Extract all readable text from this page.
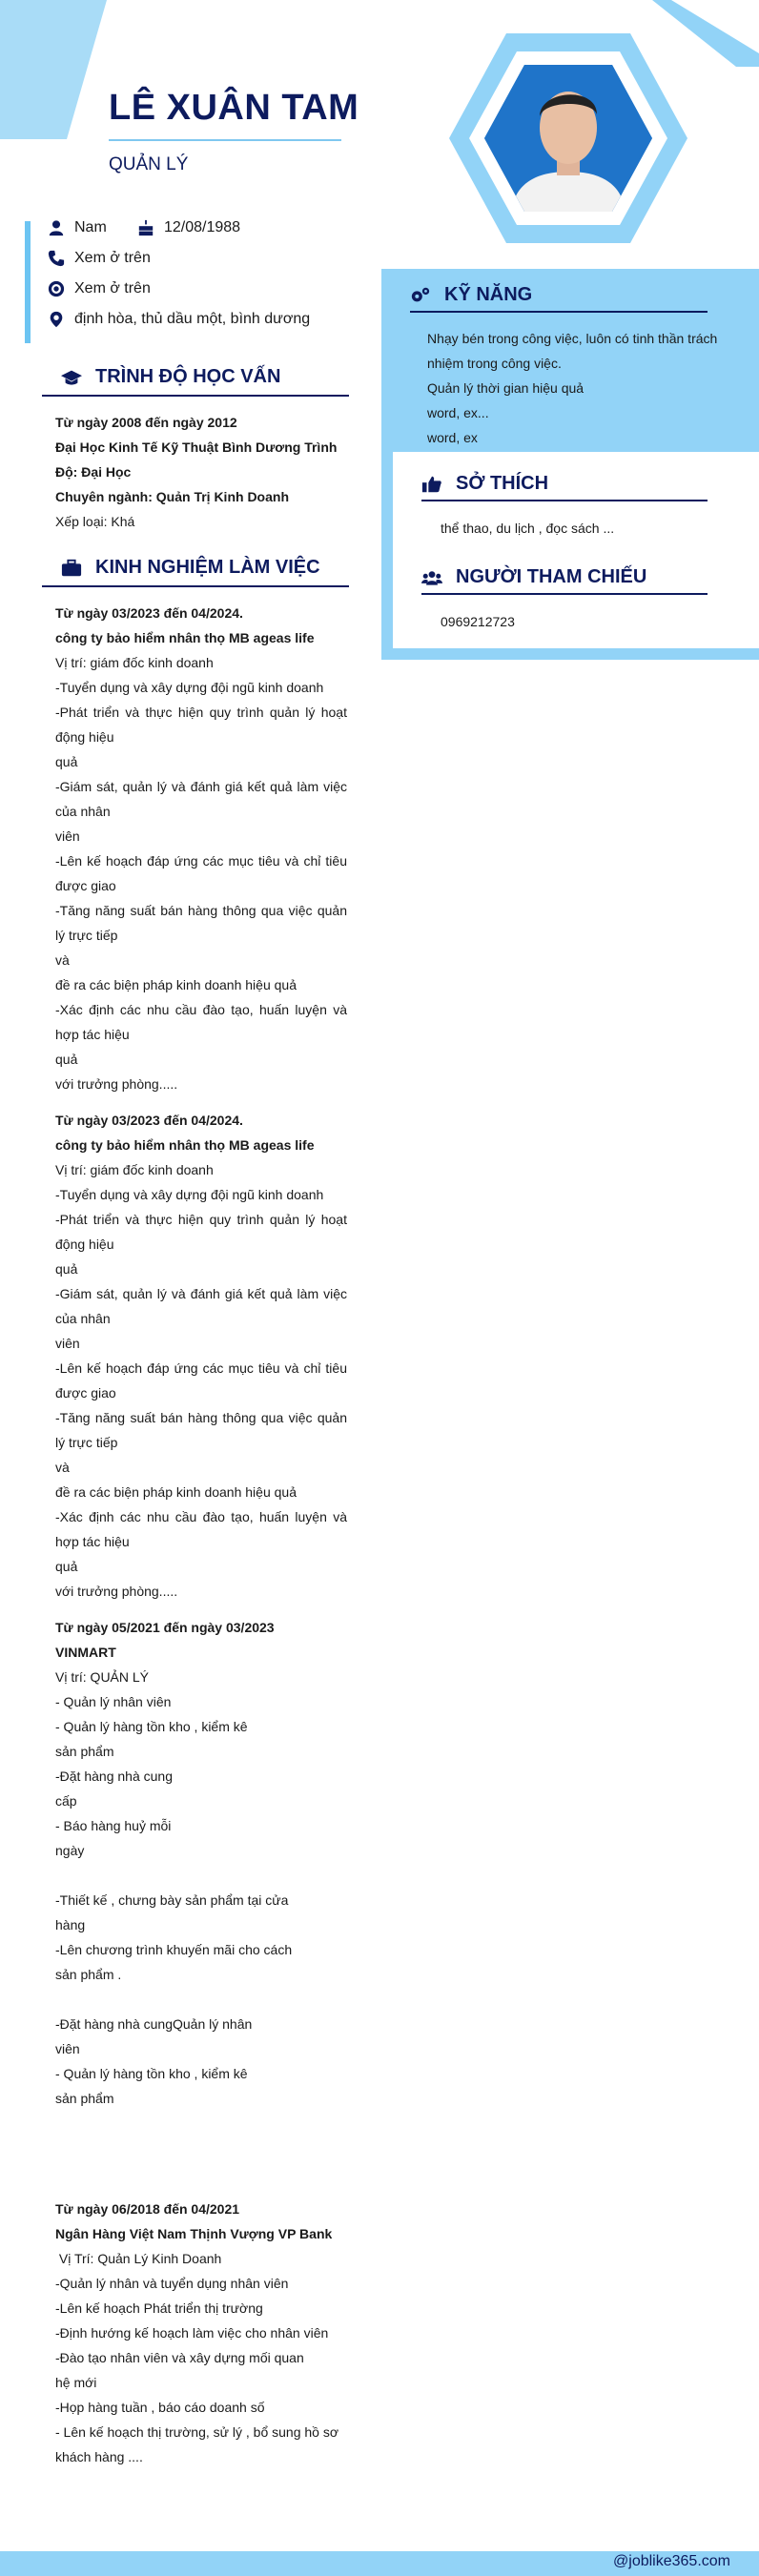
LÊ XUÂN TAM
QUẢN LÝ
Nam	12/08/1988
Xem ở trên
Xem ở trên
định hòa, thủ dầu một, bình dương
TRÌNH ĐỘ HỌC VẤN

Từ ngày 2008 đến ngày 2012

Đại Học Kinh Tế Kỹ Thuật Bình Dương Trình Độ: Đại Học

Chuyên ngành: Quản Trị Kinh Doanh

Xếp loại: Khá

KINH NGHIỆM LÀM VIỆC

Từ ngày 03/2023 đến 04/2024.

công ty bảo hiểm nhân thọ MB ageas life

Vị trí: giám đốc kinh doanh

-Tuyển dụng và xây dựng đội ngũ kinh doanh

-Phát triển và thực hiện quy trình quản lý hoạt động hiệu

quả

-Giám sát, quản lý và đánh giá kết quả làm việc của nhân

viên

-Lên kế hoạch đáp ứng các mục tiêu và chỉ tiêu được giao

-Tăng năng suất bán hàng thông qua việc quản lý trực tiếp

và

đề ra các biện pháp kinh doanh hiệu quả

-Xác định các nhu cầu đào tạo, huấn luyện và hợp tác hiệu

quả

với trưởng phòng.....

Từ ngày 03/2023 đến 04/2024.

công ty bảo hiểm nhân thọ MB ageas life

Vị trí: giám đốc kinh doanh

-Tuyển dụng và xây dựng đội ngũ kinh doanh

-Phát triển và thực hiện quy trình quản lý hoạt động hiệu

quả

-Giám sát, quản lý và đánh giá kết quả làm việc của nhân

viên

-Lên kế hoạch đáp ứng các mục tiêu và chỉ tiêu được giao

-Tăng năng suất bán hàng thông qua việc quản lý trực tiếp

và

đề ra các biện pháp kinh doanh hiệu quả

-Xác định các nhu cầu đào tạo, huấn luyện và hợp tác hiệu

quả

với trưởng phòng.....

Từ ngày 05/2021 đến ngày 03/2023

VINMART

Vị trí: QUẢN LÝ

- Quản lý nhân viên

- Quản lý hàng tồn kho , kiểm kê

sản phẩm

-Đặt hàng nhà cung

cấp

- Báo hàng huỷ mỗi

ngày

-Thiết kế , chưng bày sản phẩm tại cửa

hàng

-Lên chương trình khuyến mãi cho cách

sản phẩm .

-Đặt hàng nhà cungQuản lý nhân

viên

- Quản lý hàng tồn kho , kiểm kê

sản phẩm

Từ ngày 06/2018 đến 04/2021

Ngân Hàng Việt Nam Thịnh Vượng VP Bank

Vị Trí: Quản Lý Kinh Doanh

-Quản lý nhân và tuyển dụng nhân viên

-Lên kế hoạch Phát triển thị trường

-Định hướng kế hoạch làm việc cho nhân viên

-Đào tạo nhân viên và xây dựng mối quan

hệ mới

-Họp hàng tuần , báo cáo doanh số

- Lên kế hoạch thị trường, sử lý , bổ sung hồ sơ

khách hàng ....

KỸ NĂNG

Nhạy bén trong công việc, luôn có tinh thần trách nhiệm trong công việc.

Quản lý thời gian hiệu quả

word, ex...

word, ex

SỞ THÍCH
thể thao, du lịch , đọc sách ...
NGƯỜI THAM CHIẾU
0969212723
@joblike365.com
